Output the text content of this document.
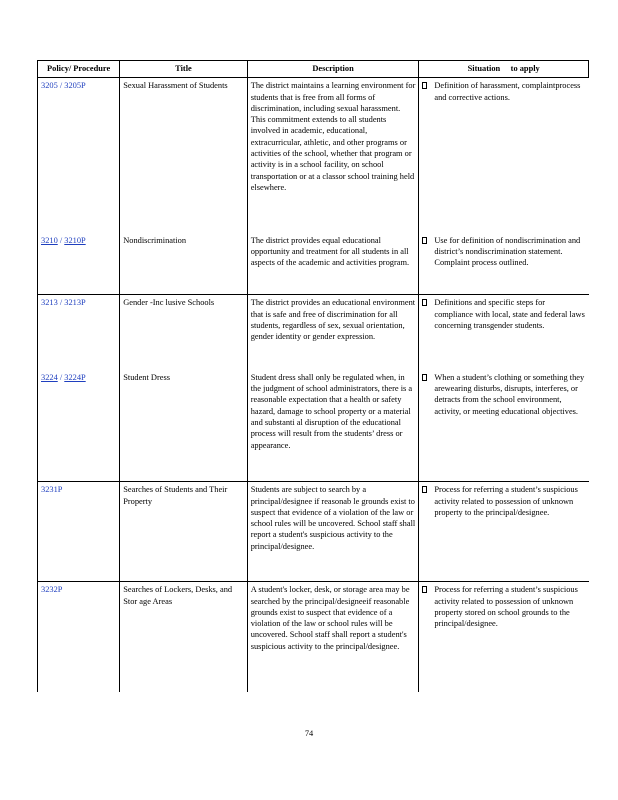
Policy/ Procedure	Title	Description	Situation     to apply
3205 / 3205P	Sexual Harassment of Students	The district maintains a learning environment for students that is free from all forms of discrimination, including sexual harassment. This commitment extends to all students involved in academic, educational, extracurricular, athletic, and other programs or activities of the school, whether that program or activity is in a school facility, on school transportation or at a classor school training held elsewhere.	Definition of harassment, complaintprocess and corrective actions.

3210 / 3210P	Nondiscrimination	The district provides equal educational opportunity and treatment for all students in all aspects of the academic and activities program.	Use for definition of nondiscrimination and district’s nondiscrimination statement. Complaint process outlined.

3213 / 3213P	Gender -Inc lusive Schools	The district provides an educational environment that is safe and free of discrimination for all students, regardless of sex, sexual orientation, gender identity or gender expression.	Definitions and specific steps for compliance with local, state and federal laws concerning transgender students.

3224 / 3224P	Student Dress	Student dress shall only be regulated when, in the judgment of school administrators, there is a reasonable expectation that a health or safety hazard, damage to school property or a material and substanti al disruption of the educational process will result from the students’ dress or appearance.	When a student’s clothing or something they arewearing disturbs, disrupts, interferes, or detracts from the school environment, activity, or meeting educational objectives.

3231P	Searches of Students and Their Property	Students are subject to search by a principal/designee if reasonab le grounds exist to suspect that evidence of a violation of the law or school rules will be uncovered. School staff shall report a student's suspicious activity to the principal/designee.	Process for referring a student’s suspicious activity related to possession of unknown property to the principal/designee.

3232P	Searches of Lockers, Desks, and Stor age Areas	A student's locker, desk, or storage area may be searched by the principal/designeeif reasonable grounds exist to suspect that evidence of a violation of the law or school rules will be uncovered. School staff shall report a student's suspicious activity to the principal/designee.	Process for referring a student’s suspicious activity related to possession of unknown property stored on school grounds to the principal/designee.
74
